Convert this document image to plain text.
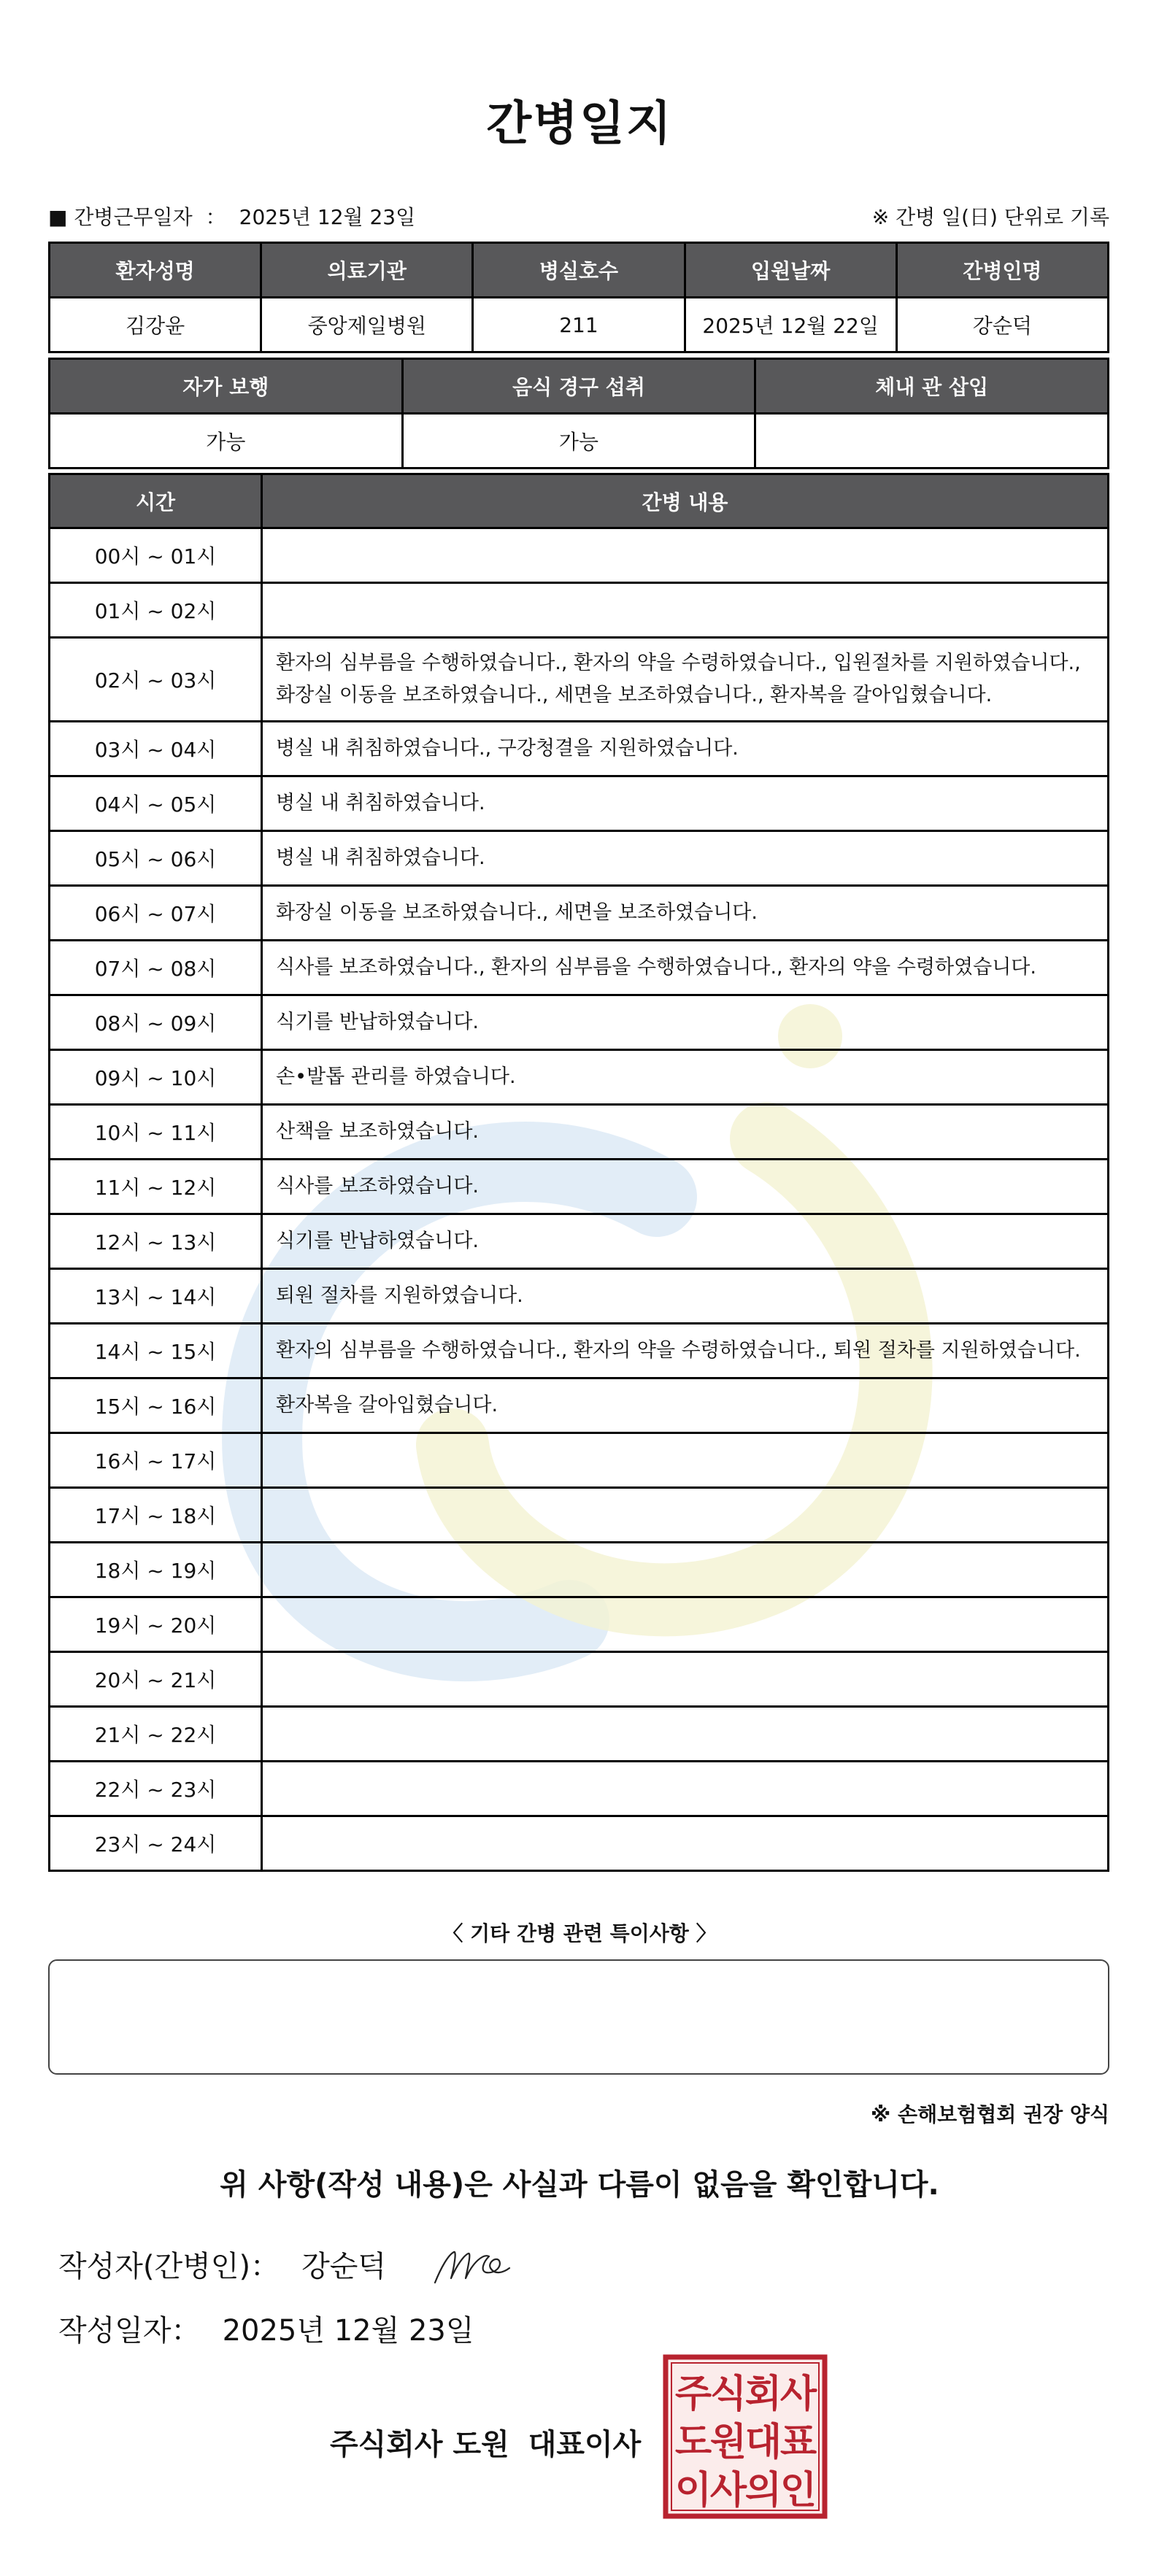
간병일지
■ 간병근무일자 ： 2025년 12월 23일	※ 간병 일(日) 단위로 기록
환자성명	의료기관	병실호수	입원날짜	간병인명
김강윤	중앙제일병원	211	2025년 12월 22일	강순덕
자가 보행	음식 경구 섭취	체내 관 삽입
가능	가능	
시간	간병 내용
00시 ~ 01시	
01시 ~ 02시	
02시 ~ 03시	환자의 심부름을 수행하였습니다., 환자의 약을 수령하였습니다., 입원절차를 지원하였습니다., 화장실 이동을 보조하였습니다., 세면을 보조하였습니다., 환자복을 갈아입혔습니다.
03시 ~ 04시	병실 내 취침하였습니다., 구강청결을 지원하였습니다.
04시 ~ 05시	병실 내 취침하였습니다.
05시 ~ 06시	병실 내 취침하였습니다.
06시 ~ 07시	화장실 이동을 보조하였습니다., 세면을 보조하였습니다.
07시 ~ 08시	식사를 보조하였습니다., 환자의 심부름을 수행하였습니다., 환자의 약을 수령하였습니다.
08시 ~ 09시	식기를 반납하였습니다.
09시 ~ 10시	손•발톱 관리를 하였습니다.
10시 ~ 11시	산책을 보조하였습니다.
11시 ~ 12시	식사를 보조하였습니다.
12시 ~ 13시	식기를 반납하였습니다.
13시 ~ 14시	퇴원 절차를 지원하였습니다.
14시 ~ 15시	환자의 심부름을 수행하였습니다., 환자의 약을 수령하였습니다., 퇴원 절차를 지원하였습니다.
15시 ~ 16시	환자복을 갈아입혔습니다.
16시 ~ 17시	
17시 ~ 18시	
18시 ~ 19시	
19시 ~ 20시	
20시 ~ 21시	
21시 ~ 22시	
22시 ~ 23시	
23시 ~ 24시	
〈 기타 간병 관련 특이사항 〉
※ 손해보험협회 권장 양식
위 사항(작성 내용)은 사실과 다름이 없음을 확인합니다.
작성자(간병인)： 강순덕
작성일자： 2025년 12월 23일
주식회사 도원 대표이사
주
식
회
사
도
원
대
표
이
사
의
인
